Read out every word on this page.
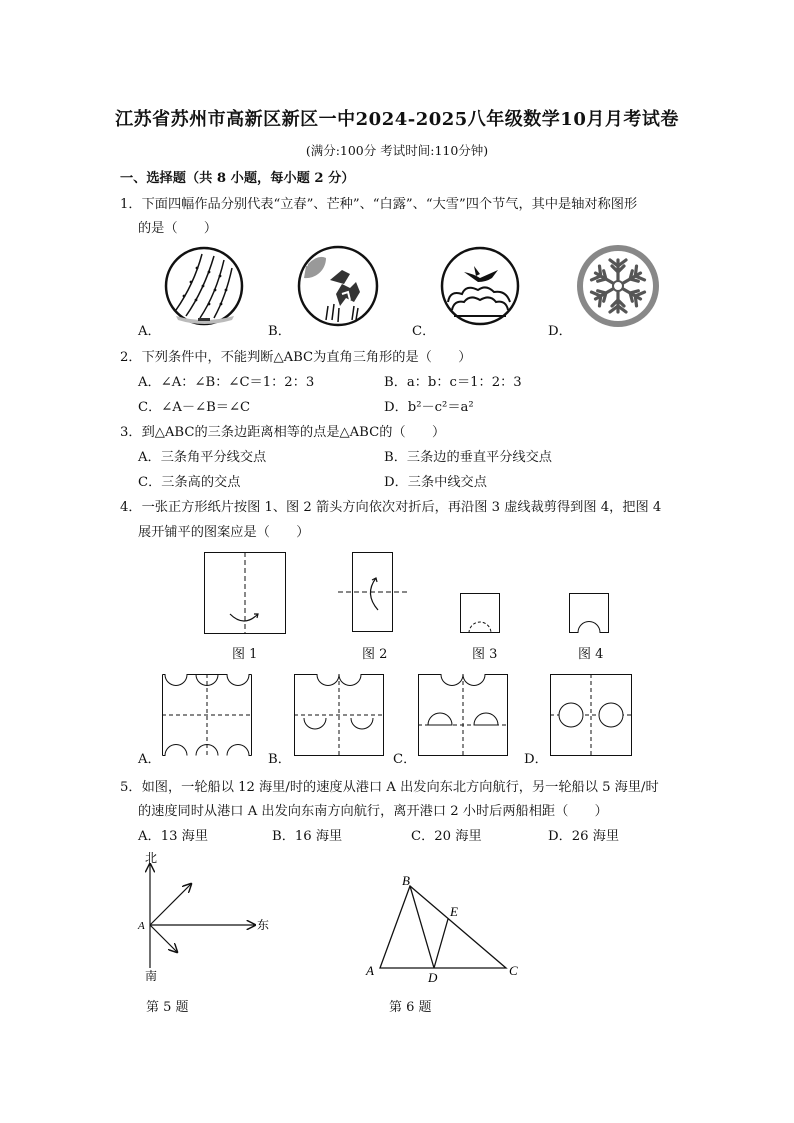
江苏省苏州市高新区新区一中2024-2025八年级数学10月月考试卷
(满分:100分 考试时间:110分钟)
一、选择题（共 8 小题，每小题 2 分）
1．下面四幅作品分别代表“立春”、芒种”、“白露”、“大雪”四个节气，其中是轴对称图形
的是（　　）
A．	B．	C．	D．
2．下列条件中，不能判断△ABC为直角三角形的是（　　）
A．∠A：∠B：∠C＝1：2：3	B．a：b：c＝1：2：3
C．∠A－∠B＝∠C	D．b²－c²＝a²
3．到△ABC的三条边距离相等的点是△ABC的（　　）
A．三条角平分线交点	B．三条边的垂直平分线交点
C．三条高的交点	D．三条中线交点
4．一张正方形纸片按图 1、图 2 箭头方向依次对折后，再沿图 3 虚线裁剪得到图 4，把图 4
展开铺平的图案应是（　　）
图 1	图 2	图 3	图 4
A．	B．	C．	D．
5．如图，一轮船以 12 海里/时的速度从港口 A 出发向东北方向航行，另一轮船以 5 海里/时
的速度同时从港口 A 出发向东南方向航行，离开港口 2 小时后两船相距（　　）
A．13 海里	B．16 海里	C．20 海里	D．26 海里
北
南
东
A
第 5 题
B
E
A	D	C
第 6 题
